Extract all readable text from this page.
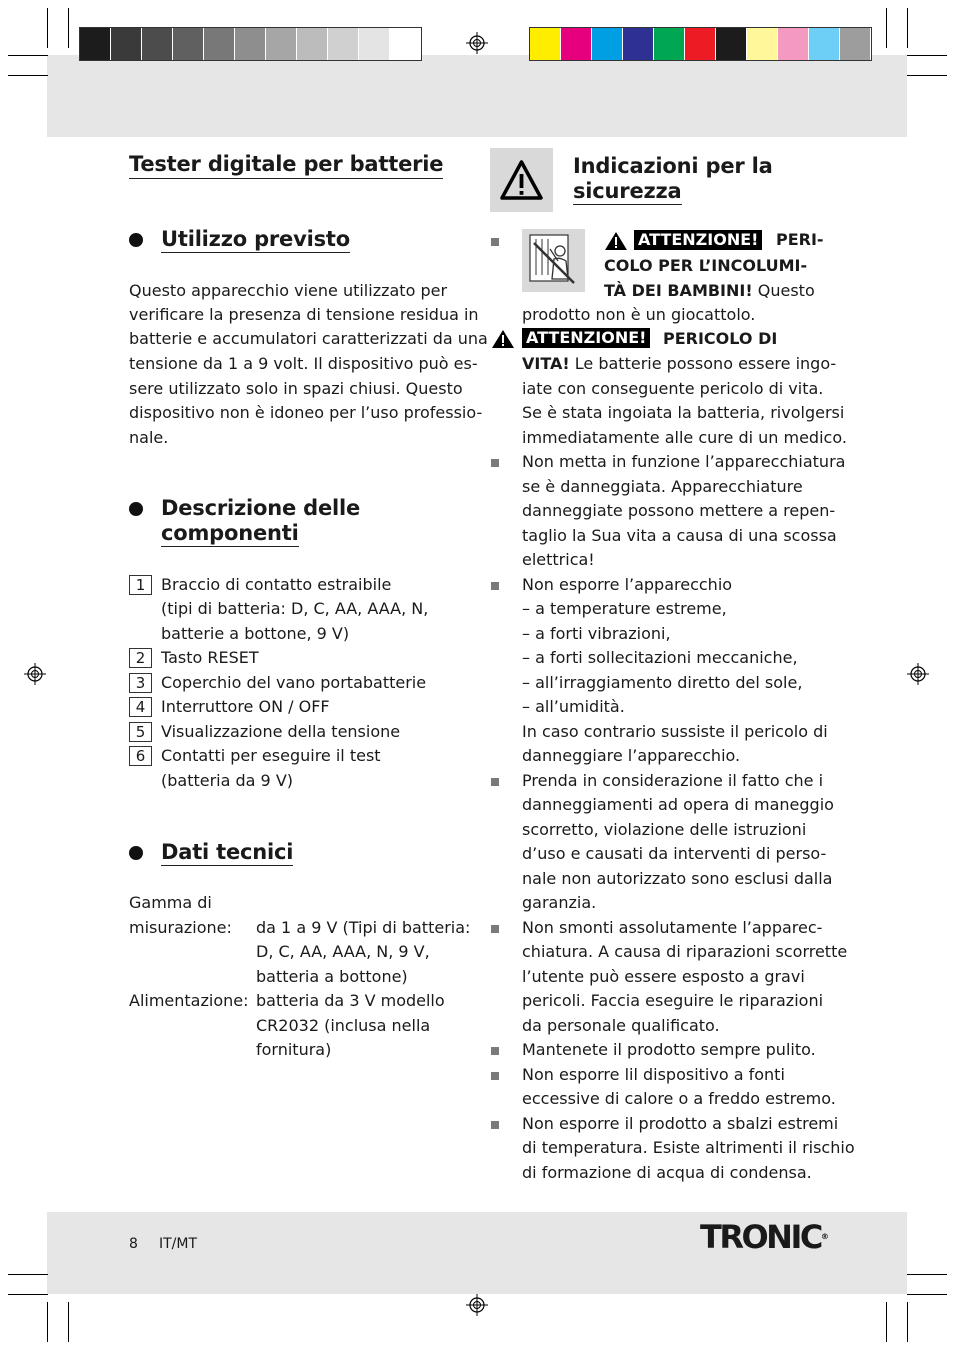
Tester digitale per batterie
Utilizzo previsto
Questo apparecchio viene utilizzato per
verificare la presenza di tensione residua in
batterie e accumulatori caratterizzati da una
tensione da 1 a 9 volt. Il dispositivo può es-
sere utilizzato solo in spazi chiusi. Questo
dispositivo non è idoneo per l’uso professio-
nale.
Descrizione delle
componenti
1 Braccio di contatto estraibile
(tipi di batteria: D, C, AA, AAA, N,
batterie a bottone, 9 V)
2 Tasto RESET
3 Coperchio del vano portabatterie
4 Interruttore ON / OFF
5 Visualizzazione della tensione
6 Contatti per eseguire il test
(batteria da 9 V)
Dati tecnici
Gamma di
misurazione: da 1 a 9 V (Tipi di batteria:
D, C, AA, AAA, N, 9 V,
batteria a bottone)
Alimentazione: batteria da 3 V modello
CR2032 (inclusa nella
fornitura)
Indicazioni per la
sicurezza
ATTENZIONE! PERI-
COLO PER L’INCOLUMI-
TÀ DEI BAMBINI! Questo
prodotto non è un giocattolo.
ATTENZIONE! PERICOLO DI
VITA! Le batterie possono essere ingo-
iate con conseguente pericolo di vita.
Se è stata ingoiata la batteria, rivolgersi
immediatamente alle cure di un medico.
Non metta in funzione l’apparecchiatura
se è danneggiata. Apparecchiature
danneggiate possono mettere a repen-
taglio la Sua vita a causa di una scossa
elettrica!
Non esporre l’apparecchio
– a temperature estreme,
– a forti vibrazioni,
– a forti sollecitazioni meccaniche,
– all’irraggiamento diretto del sole,
– all’umidità.
In caso contrario sussiste il pericolo di
danneggiare l’apparecchio.
Prenda in considerazione il fatto che i
danneggiamenti ad opera di maneggio
scorretto, violazione delle istruzioni
d’uso e causati da interventi di perso-
nale non autorizzato sono esclusi dalla
garanzia.
Non smonti assolutamente l’apparec-
chiatura. A causa di riparazioni scorrette
l’utente può essere esposto a gravi
pericoli. Faccia eseguire le riparazioni
da personale qualificato.
Mantenete il prodotto sempre pulito.
Non esporre lil dispositivo a fonti
eccessive di calore o a freddo estremo.
Non esporre il prodotto a sbalzi estremi
di temperatura. Esiste altrimenti il rischio
di formazione di acqua di condensa.
8 IT/MT	TRONIC®
